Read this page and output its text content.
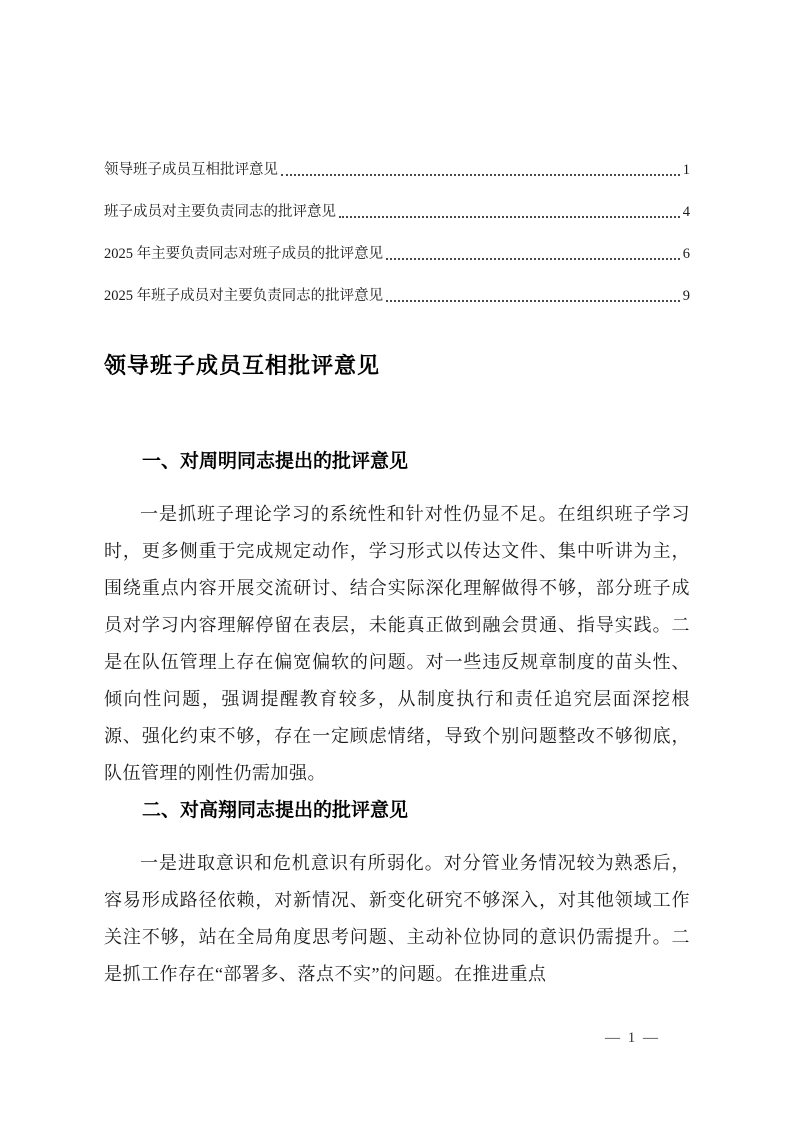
领导班子成员互相批评意见	1
班子成员对主要负责同志的批评意见	4
2025 年主要负责同志对班子成员的批评意见	6
2025 年班子成员对主要负责同志的批评意见	9
领导班子成员互相批评意见
一、对周明同志提出的批评意见

一是抓班子理论学习的系统性和针对性仍显不足。在组织班子学习时，更多侧重于完成规定动作，学习形式以传达文件、集中听讲为主，围绕重点内容开展交流研讨、结合实际深化理解做得不够，部分班子成员对学习内容理解停留在表层，未能真正做到融会贯通、指导实践。二是在队伍管理上存在偏宽偏软的问题。对一些违反规章制度的苗头性、倾向性问题，强调提醒教育较多，从制度执行和责任追究层面深挖根源、强化约束不够，存在一定顾虑情绪，导致个别问题整改不够彻底，队伍管理的刚性仍需加强。

二、对高翔同志提出的批评意见

一是进取意识和危机意识有所弱化。对分管业务情况较为熟悉后，容易形成路径依赖，对新情况、新变化研究不够深入，对其他领域工作关注不够，站在全局角度思考问题、主动补位协同的意识仍需提升。二是抓工作存在“部署多、落点不实”的问题。在推进重点

— 1 —
